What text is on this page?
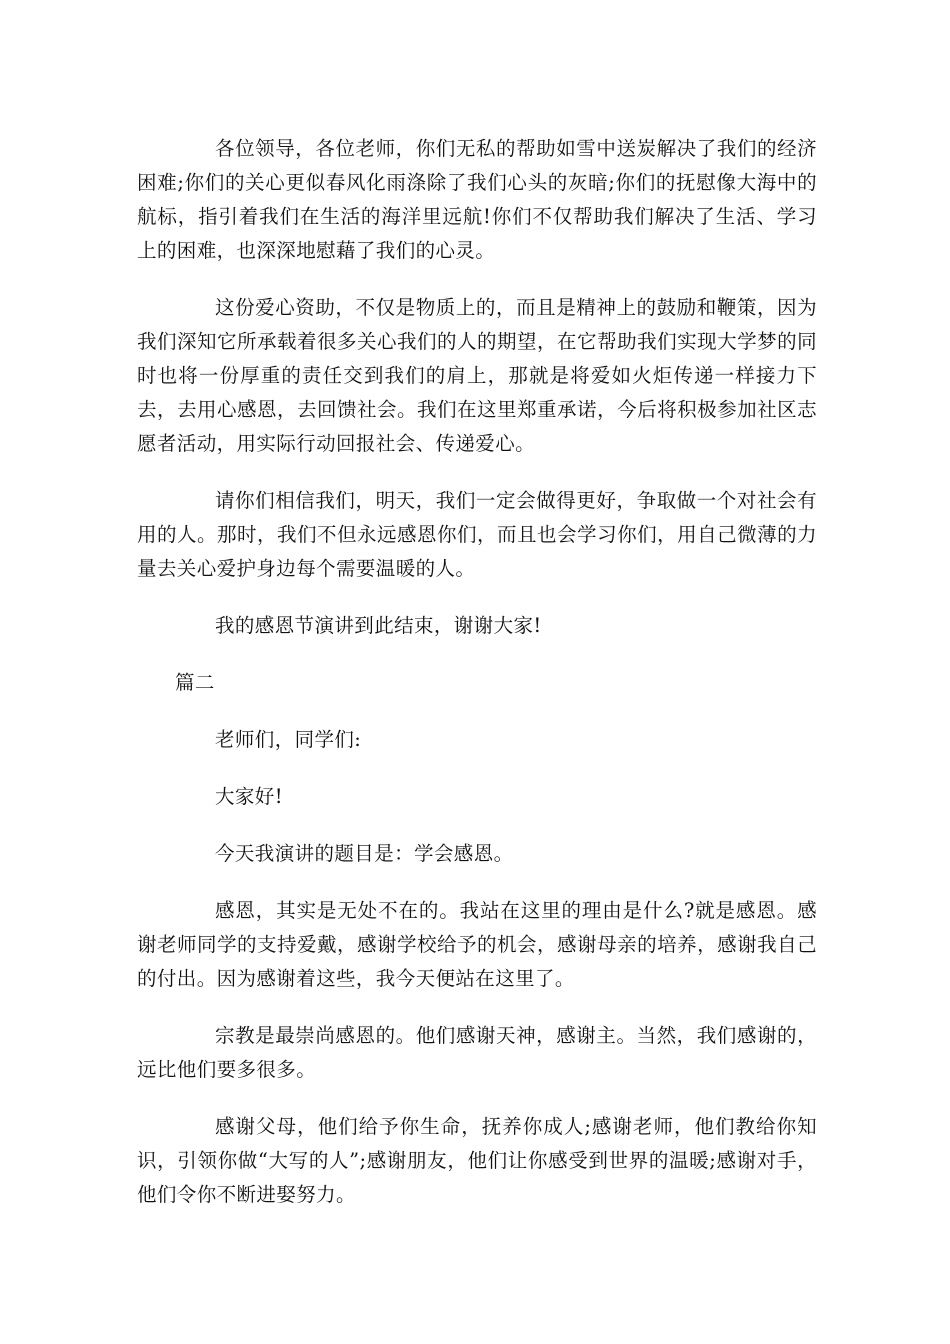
各位领导，各位老师，你们无私的帮助如雪中送炭解决了我们的经济困难;你们的关心更似春风化雨涤除了我们心头的灰暗;你们的抚慰像大海中的航标，指引着我们在生活的海洋里远航!你们不仅帮助我们解决了生活、学习上的困难，也深深地慰藉了我们的心灵。

这份爱心资助，不仅是物质上的，而且是精神上的鼓励和鞭策，因为我们深知它所承载着很多关心我们的人的期望，在它帮助我们实现大学梦的同时也将一份厚重的责任交到我们的肩上，那就是将爱如火炬传递一样接力下去，去用心感恩，去回馈社会。我们在这里郑重承诺，今后将积极参加社区志愿者活动，用实际行动回报社会、传递爱心。

请你们相信我们，明天，我们一定会做得更好，争取做一个对社会有用的人。那时，我们不但永远感恩你们，而且也会学习你们，用自己微薄的力量去关心爱护身边每个需要温暖的人。

我的感恩节演讲到此结束，谢谢大家!

篇二

老师们，同学们:

大家好!

今天我演讲的题目是：学会感恩。

感恩，其实是无处不在的。我站在这里的理由是什么?就是感恩。感谢老师同学的支持爱戴，感谢学校给予的机会，感谢母亲的培养，感谢我自己的付出。因为感谢着这些，我今天便站在这里了。

宗教是最崇尚感恩的。他们感谢天神，感谢主。当然，我们感谢的，远比他们要多很多。

感谢父母，他们给予你生命，抚养你成人;感谢老师，他们教给你知识，引领你做“大写的人”;感谢朋友，他们让你感受到世界的温暖;感谢对手，他们令你不断进娶努力。
